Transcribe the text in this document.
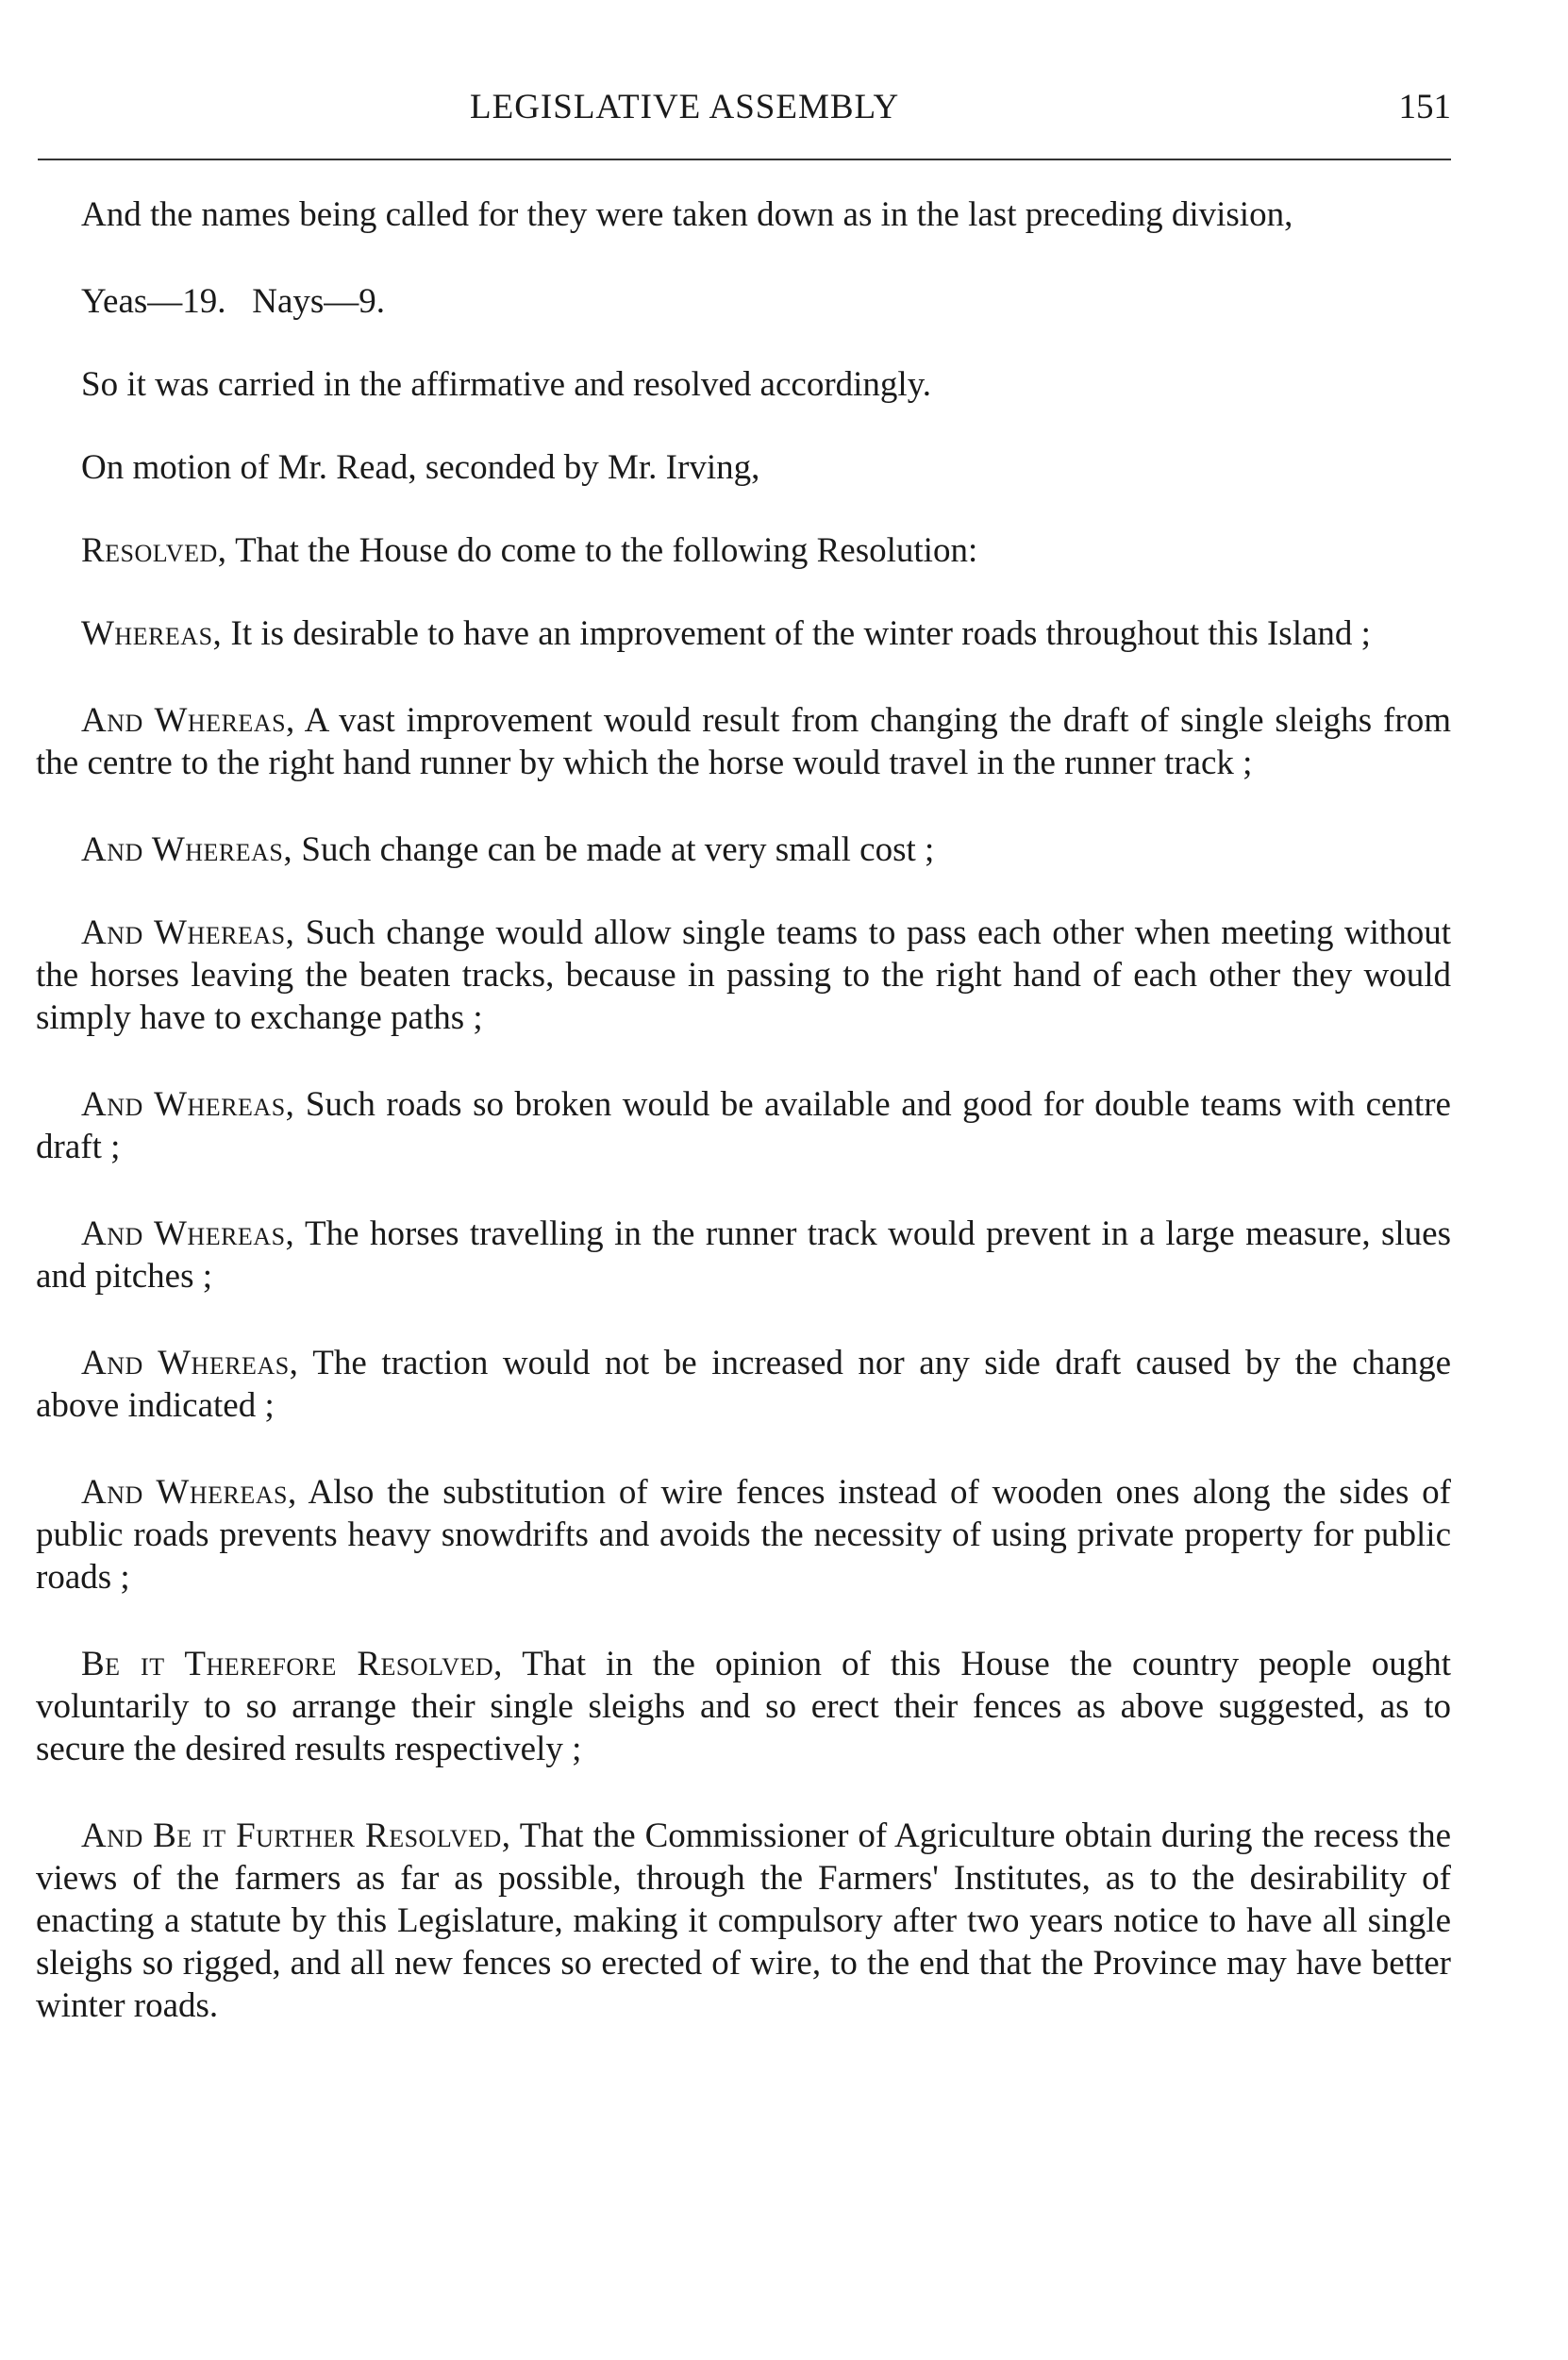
LEGISLATIVE ASSEMBLY	151

And the names being called for they were taken down as in the last preceding division,

Yeas—19.   Nays—9.

So it was carried in the affirmative and resolved accordingly.

On motion of Mr. Read, seconded by Mr. Irving,

Resolved, That the House do come to the following Resolution:

Whereas, It is desirable to have an improvement of the winter roads throughout this Island ;

And Whereas, A vast improvement would result from changing the draft of single sleighs from the centre to the right hand runner by which the horse would travel in the runner track ;

And Whereas, Such change can be made at very small cost ;

And Whereas, Such change would allow single teams to pass each other when meeting without the horses leaving the beaten tracks, because in passing to the right hand of each other they would simply have to exchange paths ;

And Whereas, Such roads so broken would be available and good for double teams with centre draft ;

And Whereas, The horses travelling in the runner track would prevent in a large measure, slues and pitches ;

And Whereas, The traction would not be increased nor any side draft caused by the change above indicated ;

And Whereas, Also the substitution of wire fences instead of wooden ones along the sides of public roads prevents heavy snowdrifts and avoids the necessity of using private property for public roads ;

Be it Therefore Resolved, That in the opinion of this House the country people ought voluntarily to so arrange their single sleighs and so erect their fences as above suggested, as to secure the desired results respectively ;

And Be it Further Resolved, That the Commissioner of Agriculture obtain during the recess the views of the farmers as far as possible, through the Farmers' Institutes, as to the desirability of enacting a statute by this Legislature, making it compulsory after two years notice to have all single sleighs so rigged, and all new fences so erected of wire, to the end that the Province may have better winter roads.
